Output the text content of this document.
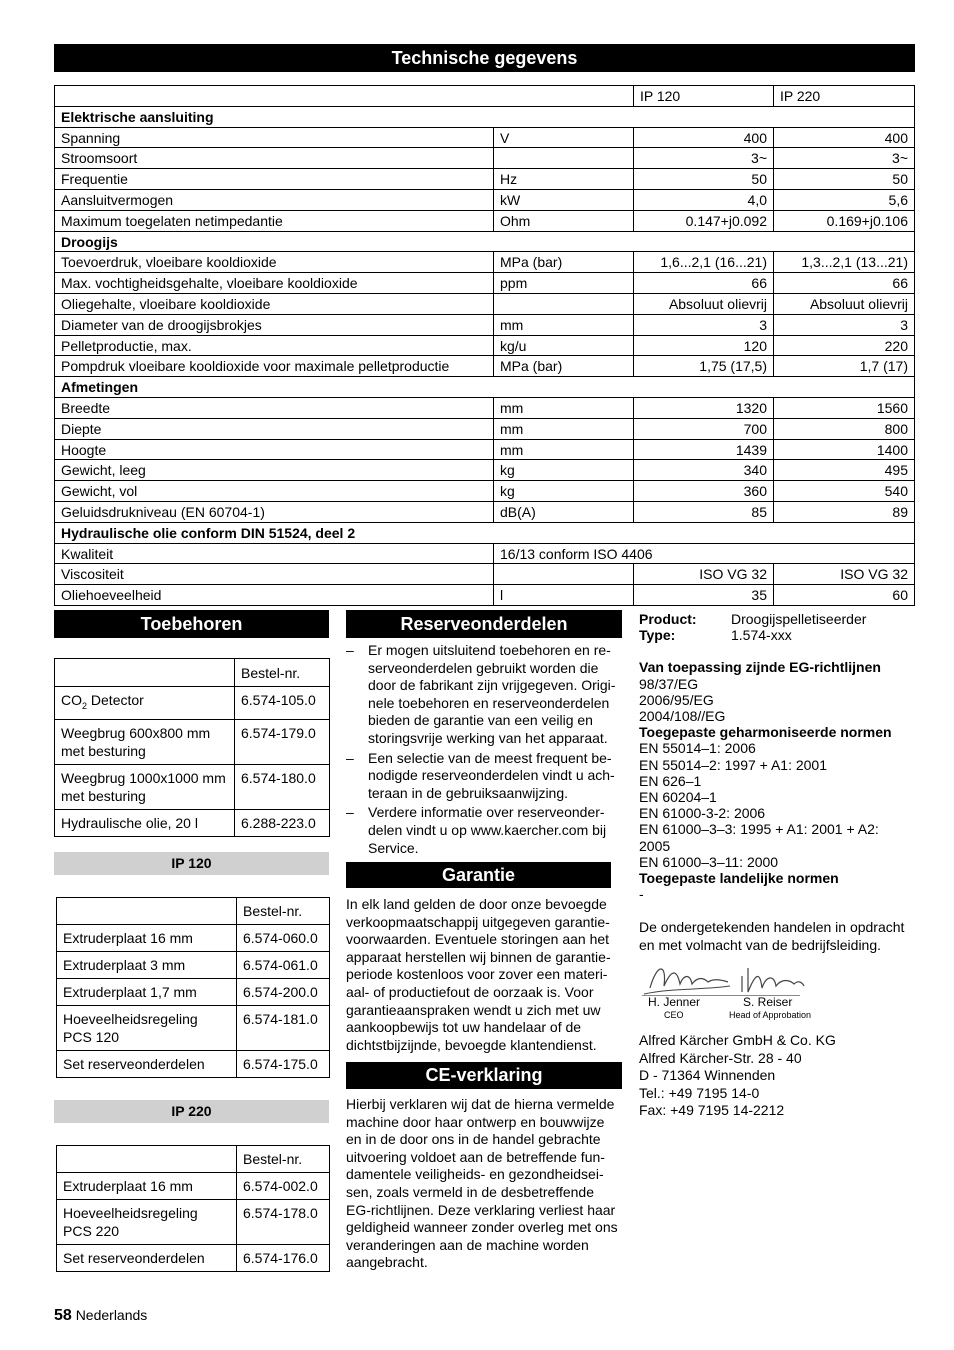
Technische gegevens
		IP 120	IP 220
Elektrische aansluiting			
Spanning	V	400	400
Stroomsoort		3~	3~
Frequentie	Hz	50	50
Aansluitvermogen	kW	4,0	5,6
Maximum toegelaten netimpedantie	Ohm	0.147+j0.092	0.169+j0.106
Droogijs			
Toevoerdruk, vloeibare kooldioxide	MPa (bar)	1,6...2,1 (16...21)	1,3...2,1 (13...21)
Max. vochtigheidsgehalte, vloeibare kooldioxide	ppm	66	66
Oliegehalte, vloeibare kooldioxide		Absoluut olievrij	Absoluut olievrij
Diameter van de droogijsbrokjes	mm	3	3
Pelletproductie, max.	kg/u	120	220
Pompdruk vloeibare kooldioxide voor maximale pelletproductie	MPa (bar)	1,75 (17,5)	1,7 (17)
Afmetingen			
Breedte	mm	1320	1560
Diepte	mm	700	800
Hoogte	mm	1439	1400
Gewicht, leeg	kg	340	495
Gewicht, vol	kg	360	540
Geluidsdrukniveau (EN 60704-1)	dB(A)	85	89
Hydraulische olie conform DIN 51524, deel 2			
Kwaliteit	16/13 conform ISO 4406		
Viscositeit		ISO VG 32	ISO VG 32
Oliehoeveelheid	l	35	60
Toebehoren
	Bestel-nr.
$CO_2$ Detector	6.574-105.0
Weegbrug 600x800 mm met besturing	6.574-179.0
Weegbrug 1000x1000 mm met besturing	6.574-180.0
Hydraulische olie, 20 l	6.288-223.0
IP 120
	Bestel-nr.
Extruderplaat 16 mm	6.574-060.0
Extruderplaat 3 mm	6.574-061.0
Extruderplaat 1,7 mm	6.574-200.0
Hoeveelheidsregeling PCS 120	6.574-181.0
Set reserveonderdelen	6.574-175.0
IP 220
	Bestel-nr.
Extruderplaat 16 mm	6.574-002.0
Hoeveelheidsregeling PCS 220	6.574-178.0
Set reserveonderdelen	6.574-176.0
Reserveonderdelen
– Er mogen uitsluitend toebehoren en re-serveonderdelen gebruikt worden die door de fabrikant zijn vrijgegeven. Origi-nele toebehoren en reserveonderdelen bieden de garantie van een veilig en storingsvrije werking van het apparaat.
– Een selectie van de meest frequent be-nodigde reserveonderdelen vindt u ach-teraan in de gebruiksaanwijzing.
– Verdere informatie over reserveonder-delen vindt u op www.kaercher.com bij Service.
Garantie

In elk land gelden de door onze bevoegde verkoopmaatschappij uitgegeven garantie-voorwaarden. Eventuele storingen aan het apparaat herstellen wij binnen de garantie-periode kostenloos voor zover een materi-aal- of productiefout de oorzaak is. Voor garantieaanspraken wendt u zich met uw aankoopbewijs tot uw handelaar of de dichtstbijzijnde, bevoegde klantendienst.

CE-verklaring

Hierbij verklaren wij dat de hierna vermelde machine door haar ontwerp en bouwwijze en in de door ons in de handel gebrachte uitvoering voldoet aan de betreffende fun-damentele veiligheids- en gezondheidsei-sen, zoals vermeld in de desbetreffende EG-richtlijnen. Deze verklaring verliest haar geldigheid wanneer zonder overleg met ons veranderingen aan de machine worden aangebracht.

Product: Droogijspelletiseerder
Type:	1.574-xxx
Van toepassing zijnde EG-richtlijnen
98/37/EG
2006/95/EG
2004/108//EG
Toegepaste geharmoniseerde normen
EN 55014–1: 2006
EN 55014–2: 1997 + A1: 2001
EN 626–1
EN 60204–1
EN 61000-3-2: 2006
EN 61000–3–3: 1995 + A1: 2001 + A2: 2005
EN 61000–3–11: 2000
Toegepaste landelijke normen
-

De ondergetekenden handelen in opdracht en met volmacht van de bedrijfsleiding.

H. Jenner
CEO
S. Reiser
Head of Approbation
Alfred Kärcher GmbH & Co. KG
Alfred Kärcher-Str. 28 - 40
D - 71364 Winnenden
Tel.: +49 7195 14-0
Fax: +49 7195 14-2212
58 Nederlands
